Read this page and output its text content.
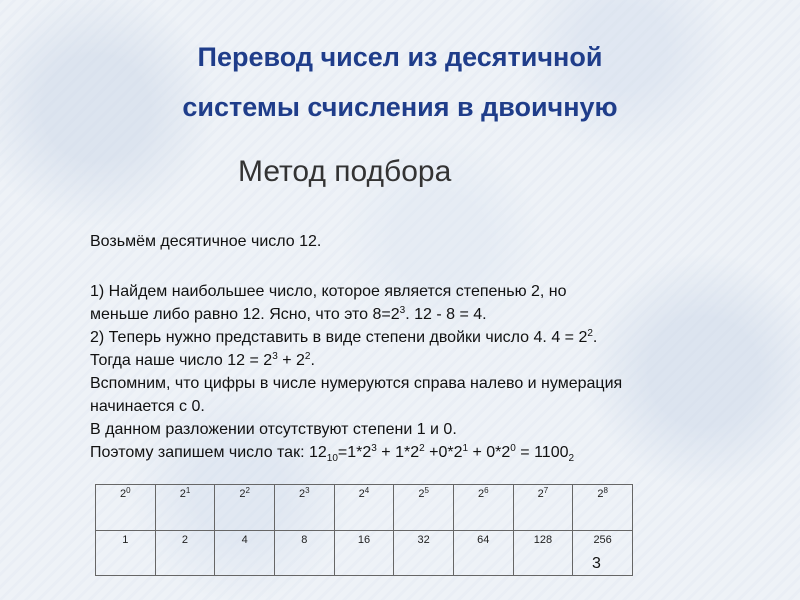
Перевод чисел из десятичной
системы счисления в двоичную
Метод подбора

Возьмём десятичное число 12.

1) Найдем наибольшее число, которое является степенью 2, но
меньше либо равно 12. Ясно, что это $8=2^3$. 12 - 8 = 4.
2) Теперь нужно представить в виде степени двойки число 4. $4 = 2^2$.
Тогда наше число $12 = 2^3 + 2^2$.
Вспомним, что цифры в числе нумеруются справа налево и нумерация
начинается с 0.
В данном разложении отсутствуют степени 1 и 0.
Поэтому запишем число так: $12_{10}=1*2^3 + 1*2^2 +0*2^1 + 0*2^0 = 1100_2$
$2^0$	$2^1$	$2^2$	$2^3$	$2^4$	$2^5$	$2^6$	$2^7$	$2^8$
1	2	4	8	16	32	64	128	256
3
